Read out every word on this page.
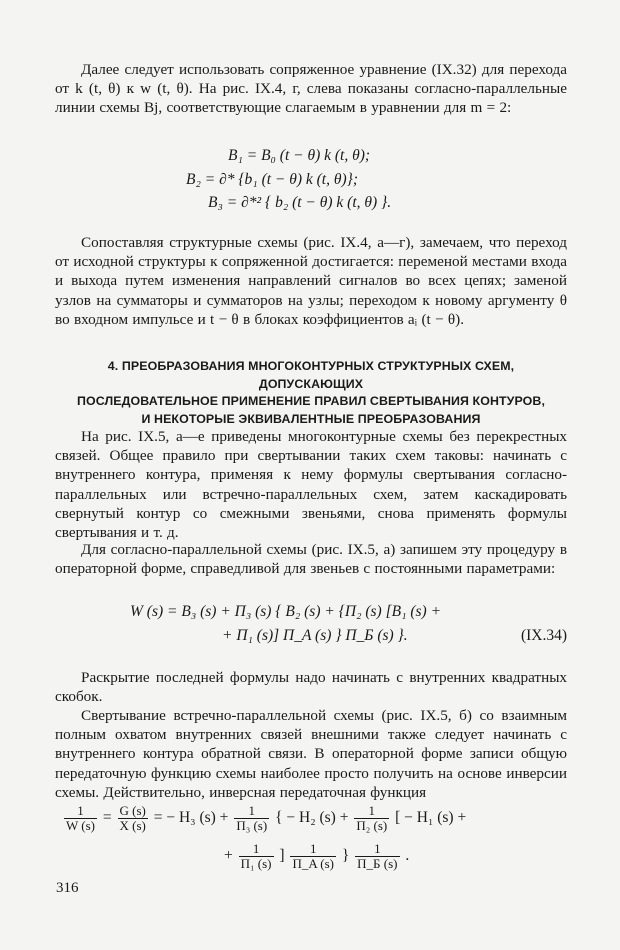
Далее следует использовать сопряженное уравнение (IX.32) для перехода от k (t, θ) к w (t, θ). На рис. IX.4, г, слева показаны согласно-параллельные линии схемы Bj, соответствующие слагаемым в уравнении для m = 2:
B₁ = B₀ (t − θ) k (t, θ);
B₂ = ∂* {b₁ (t − θ) k (t, θ)};
B₃ = ∂*² { b₂ (t − θ) k (t, θ) }.
Сопоставляя структурные схемы (рис. IX.4, а—г), замечаем, что переход от исходной структуры к сопряженной достигается: переменой местами входа и выхода путем изменения направлений сигналов во всех цепях; заменой узлов на сумматоры и сумматоров на узлы; переходом к новому аргументу θ во входном импульсе и t − θ в блоках коэффициентов aᵢ (t − θ).
4. ПРЕОБРАЗОВАНИЯ МНОГОКОНТУРНЫХ СТРУКТУРНЫХ СХЕМ, ДОПУСКАЮЩИХ
ПОСЛЕДОВАТЕЛЬНОЕ ПРИМЕНЕНИЕ ПРАВИЛ СВЕРТЫВАНИЯ КОНТУРОВ,
И НЕКОТОРЫЕ ЭКВИВАЛЕНТНЫЕ ПРЕОБРАЗОВАНИЯ
На рис. IX.5, а—е приведены многоконтурные схемы без перекрестных связей. Общее правило при свертывании таких схем таковы: начинать с внутреннего контура, применяя к нему формулы свертывания согласно-параллельных или встречно-параллельных схем, затем каскадировать свернутый контур со смежными звеньями, снова применять формулы свертывания и т. д.
Для согласно-параллельной схемы (рис. IX.5, а) запишем эту процедуру в операторной форме, справедливой для звеньев с постоянными параметрами:
W (s) = B₃ (s) + Π₃ (s) { B₂ (s) + {Π₂ (s) [B₁ (s) +
+ Π₁ (s)] Π_A (s) } Π_Б (s) }.	(IX.34)
Раскрытие последней формулы надо начинать с внутренних квадратных скобок.
Свертывание встречно-параллельной схемы (рис. IX.5, б) со взаимным полным охватом внутренних связей внешними также следует начинать с внутреннего контура обратной связи. В операторной форме записи общую передаточную функцию схемы наиболее просто получить на основе инверсии схемы. Действительно, инверсная передаточная функция
$\frac{1}{W (s)} = \frac{G (s)}{X (s)}$ = − H₃ $(s) + \frac{1}{\text{Π₃ (s)}}$ { − H₂ $(s) + \frac{1}{\text{Π₂ (s)}}$ [ − H₁ (s) +
+ $\frac{1}{\text{Π₁ (s)}}$ ] $\frac{1}{\Pi\_A (s)}$ } $\frac{1}{\Pi\_Б (s)}$ .
316
